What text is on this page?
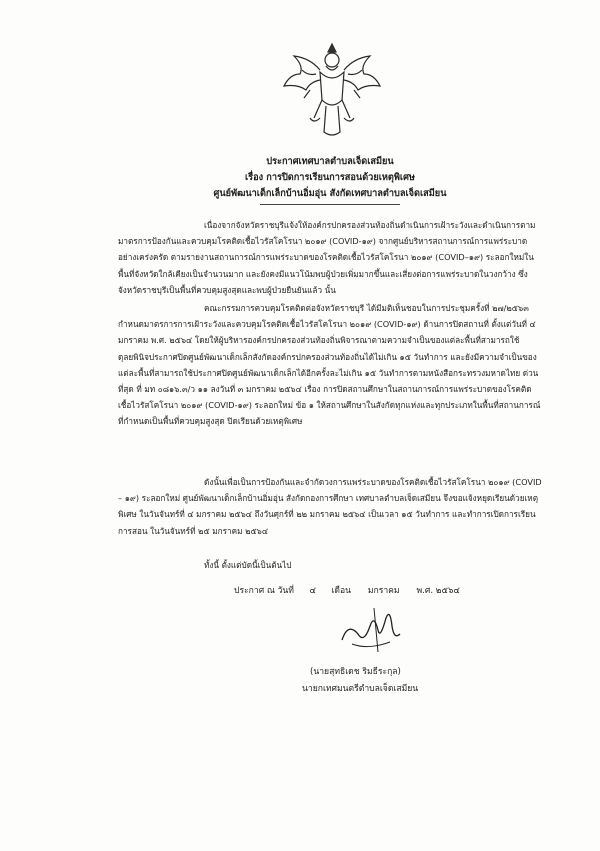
ประกาศเทศบาลตำบลเจ็ดเสมียน
เรื่อง การปิดการเรียนการสอนด้วยเหตุพิเศษ
ศูนย์พัฒนาเด็กเล็กบ้านอิ่มอุ่น สังกัดเทศบาลตำบลเจ็ดเสมียน

เนื่องจากจังหวัดราชบุรีแจ้งให้องค์กรปกครองส่วนท้องถิ่นดำเนินการเฝ้าระวังและดำเนินการตามมาตรการป้องกันและควบคุมโรคติดเชื้อไวรัสโคโรนา ๒๐๑๙ (COVID-๑๙) จากศูนย์บริหารสถานการณ์การแพร่ระบาดอย่างเคร่งครัด ตามรายงานสถานการณ์การแพร่ระบาดของโรคติดเชื้อไวรัสโคโรนา ๒๐๑๙ (COVID–๑๙) ระลอกใหม่ในพื้นที่จังหวัดใกล้เคียงเป็นจำนวนมาก และยังคงมีแนวโน้มพบผู้ป่วยเพิ่มมากขึ้นและเสี่ยงต่อการแพร่ระบาดในวงกว้าง ซึ่งจังหวัดราชบุรีเป็นพื้นที่ควบคุมสูงสุดและพบผู้ป่วยยืนยันแล้ว นั้น

คณะกรรมการควบคุมโรคติดต่อจังหวัดราชบุรี ได้มีมติเห็นชอบในการประชุมครั้งที่ ๒๗/๒๕๖๓ กำหนดมาตรการการเฝ้าระวังและควบคุมโรคติดเชื้อไวรัสโคโรนา ๒๐๑๙ (COVID-๑๙) ด้านการปิดสถานที่ ตั้งแต่วันที่ ๔ มกราคม พ.ศ. ๒๕๖๔ โดยให้ผู้บริหารองค์กรปกครองส่วนท้องถิ่นพิจารณาตามความจำเป็นของแต่ละพื้นที่สามารถใช้ดุลยพินิจประกาศปิดศูนย์พัฒนาเด็กเล็กสังกัดองค์กรปกครองส่วนท้องถิ่นได้ไม่เกิน ๑๕ วันทำการ และยังมีความจำเป็นของแต่ละพื้นที่สามารถใช้ประกาศปิดศูนย์พัฒนาเด็กเล็กได้อีกครั้งละไม่เกิน ๑๕ วันทำการตามหนังสือกระทรวงมหาดไทย ด่วนที่สุด ที่ มท ๐๘๑๖.๓/ว ๑๑ ลงวันที่ ๓ มกราคม ๒๕๖๔ เรื่อง การปิดสถานศึกษาในสถานการณ์การแพร่ระบาดของโรคติดเชื้อไวรัสโคโรนา ๒๐๑๙ (COVID-๑๙) ระลอกใหม่ ข้อ ๑ ให้สถานศึกษาในสังกัดทุกแห่งและทุกประเภทในพื้นที่สถานการณ์ที่กำหนดเป็นพื้นที่ควบคุมสูงสุด ปิดเรียนด้วยเหตุพิเศษ

ดังนั้นเพื่อเป็นการป้องกันและจำกัดวงการแพร่ระบาดของโรคติดเชื้อไวรัสโคโรนา ๒๐๑๙ (COVID – ๑๙) ระลอกใหม่ ศูนย์พัฒนาเด็กเล็กบ้านอิ่มอุ่น สังกัดกองการศึกษา เทศบาลตำบลเจ็ดเสมียน จึงขอแจ้งหยุดเรียนด้วยเหตุพิเศษ ในวันจันทร์ที่ ๔ มกราคม ๒๕๖๔ ถึงวันศุกร์ที่ ๒๒ มกราคม ๒๕๖๔ เป็นเวลา ๑๕ วันทำการ และทำการเปิดการเรียนการสอน ในวันจันทร์ที่ ๒๕ มกราคม ๒๕๖๔

ทั้งนี้ ตั้งแต่บัดนี้เป็นต้นไป

ประกาศ ณ วันที่ ๔ เดือน มกราคม พ.ศ. ๒๕๖๔
(นายสุทธิเดช ริมธีระกุล)
นายกเทศมนตรีตำบลเจ็ดเสมียน
